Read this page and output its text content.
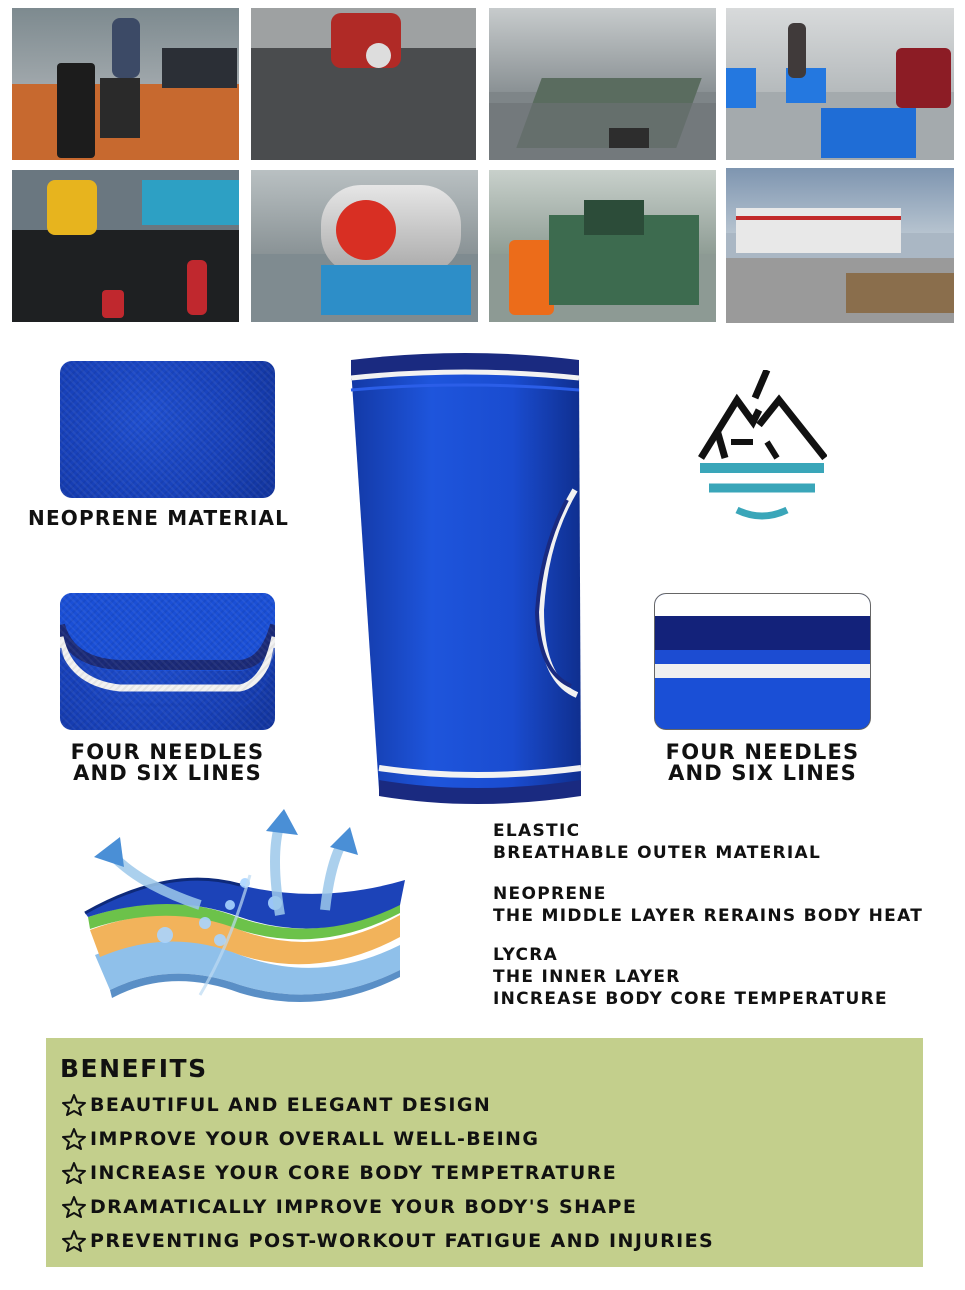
NEOPRENE MATERIAL
FOUR NEEDLES
AND SIX LINES
FOUR NEEDLES
AND SIX LINES
ELASTIC
BREATHABLE OUTER MATERIAL
NEOPRENE
THE MIDDLE LAYER RERAINS BODY HEAT
LYCRA
THE INNER LAYER
INCREASE BODY CORE TEMPERATURE
BENEFITS
BEAUTIFUL AND ELEGANT DESIGN
IMPROVE YOUR OVERALL WELL-BEING
INCREASE YOUR CORE BODY TEMPETRATURE
DRAMATICALLY IMPROVE YOUR BODY'S SHAPE
PREVENTING POST-WORKOUT FATIGUE AND INJURIES
